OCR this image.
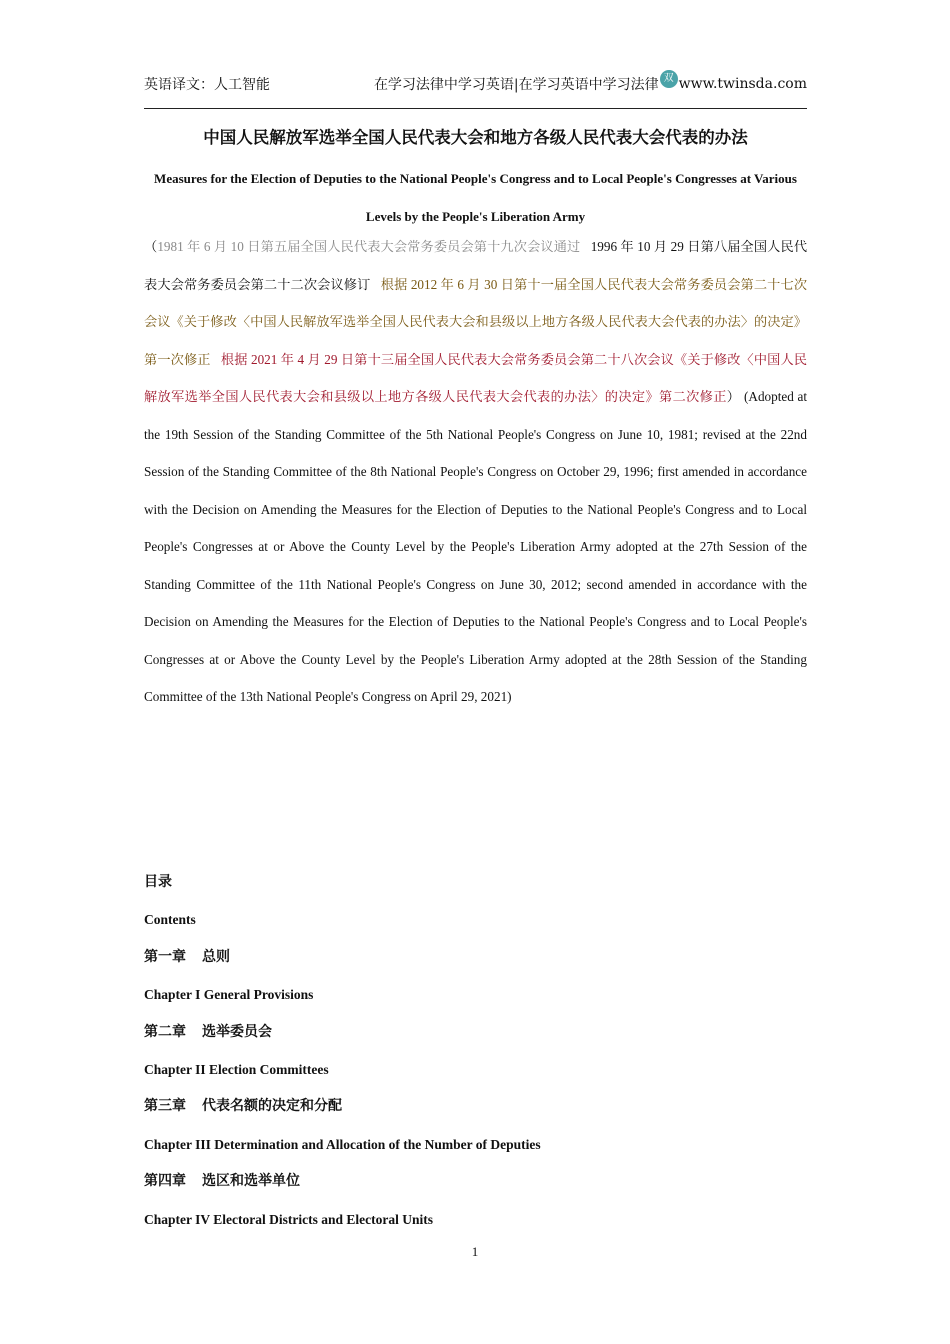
英语译文：人工智能	在学习法律中学习英语|在学习英语中学习法律 双 www.twinsda.com
中国人民解放军选举全国人民代表大会和地方各级人民代表大会代表的办法
Measures for the Election of Deputies to the National People's Congress and to Local People's Congresses at Various Levels by the People's Liberation Army
（1981 年 6 月 10 日第五届全国人民代表大会常务委员会第十九次会议通过 1996 年 10 月 29 日第八届全国人民代表大会常务委员会第二十二次会议修订 根据 2012 年 6 月 30 日第十一届全国人民代表大会常务委员会第二十七次会议《关于修改〈中国人民解放军选举全国人民代表大会和县级以上地方各级人民代表大会代表的办法〉的决定》第一次修正 根据 2021 年 4 月 29 日第十三届全国人民代表大会常务委员会第二十八次会议《关于修改〈中国人民解放军选举全国人民代表大会和县级以上地方各级人民代表大会代表的办法〉的决定》第二次修正） (Adopted at the 19th Session of the Standing Committee of the 5th National People's Congress on June 10, 1981; revised at the 22nd Session of the Standing Committee of the 8th National People's Congress on October 29, 1996; first amended in accordance with the Decision on Amending the Measures for the Election of Deputies to the National People's Congress and to Local People's Congresses at or Above the County Level by the People's Liberation Army adopted at the 27th Session of the Standing Committee of the 11th National People's Congress on June 30, 2012; second amended in accordance with the Decision on Amending the Measures for the Election of Deputies to the National People's Congress and to Local People's Congresses at or Above the County Level by the People's Liberation Army adopted at the 28th Session of the Standing Committee of the 13th National People's Congress on April 29, 2021)
目录
Contents
第一章 总则
Chapter I General Provisions
第二章 选举委员会
Chapter II Election Committees
第三章 代表名额的决定和分配
Chapter III Determination and Allocation of the Number of Deputies
第四章 选区和选举单位
Chapter IV Electoral Districts and Electoral Units
1
